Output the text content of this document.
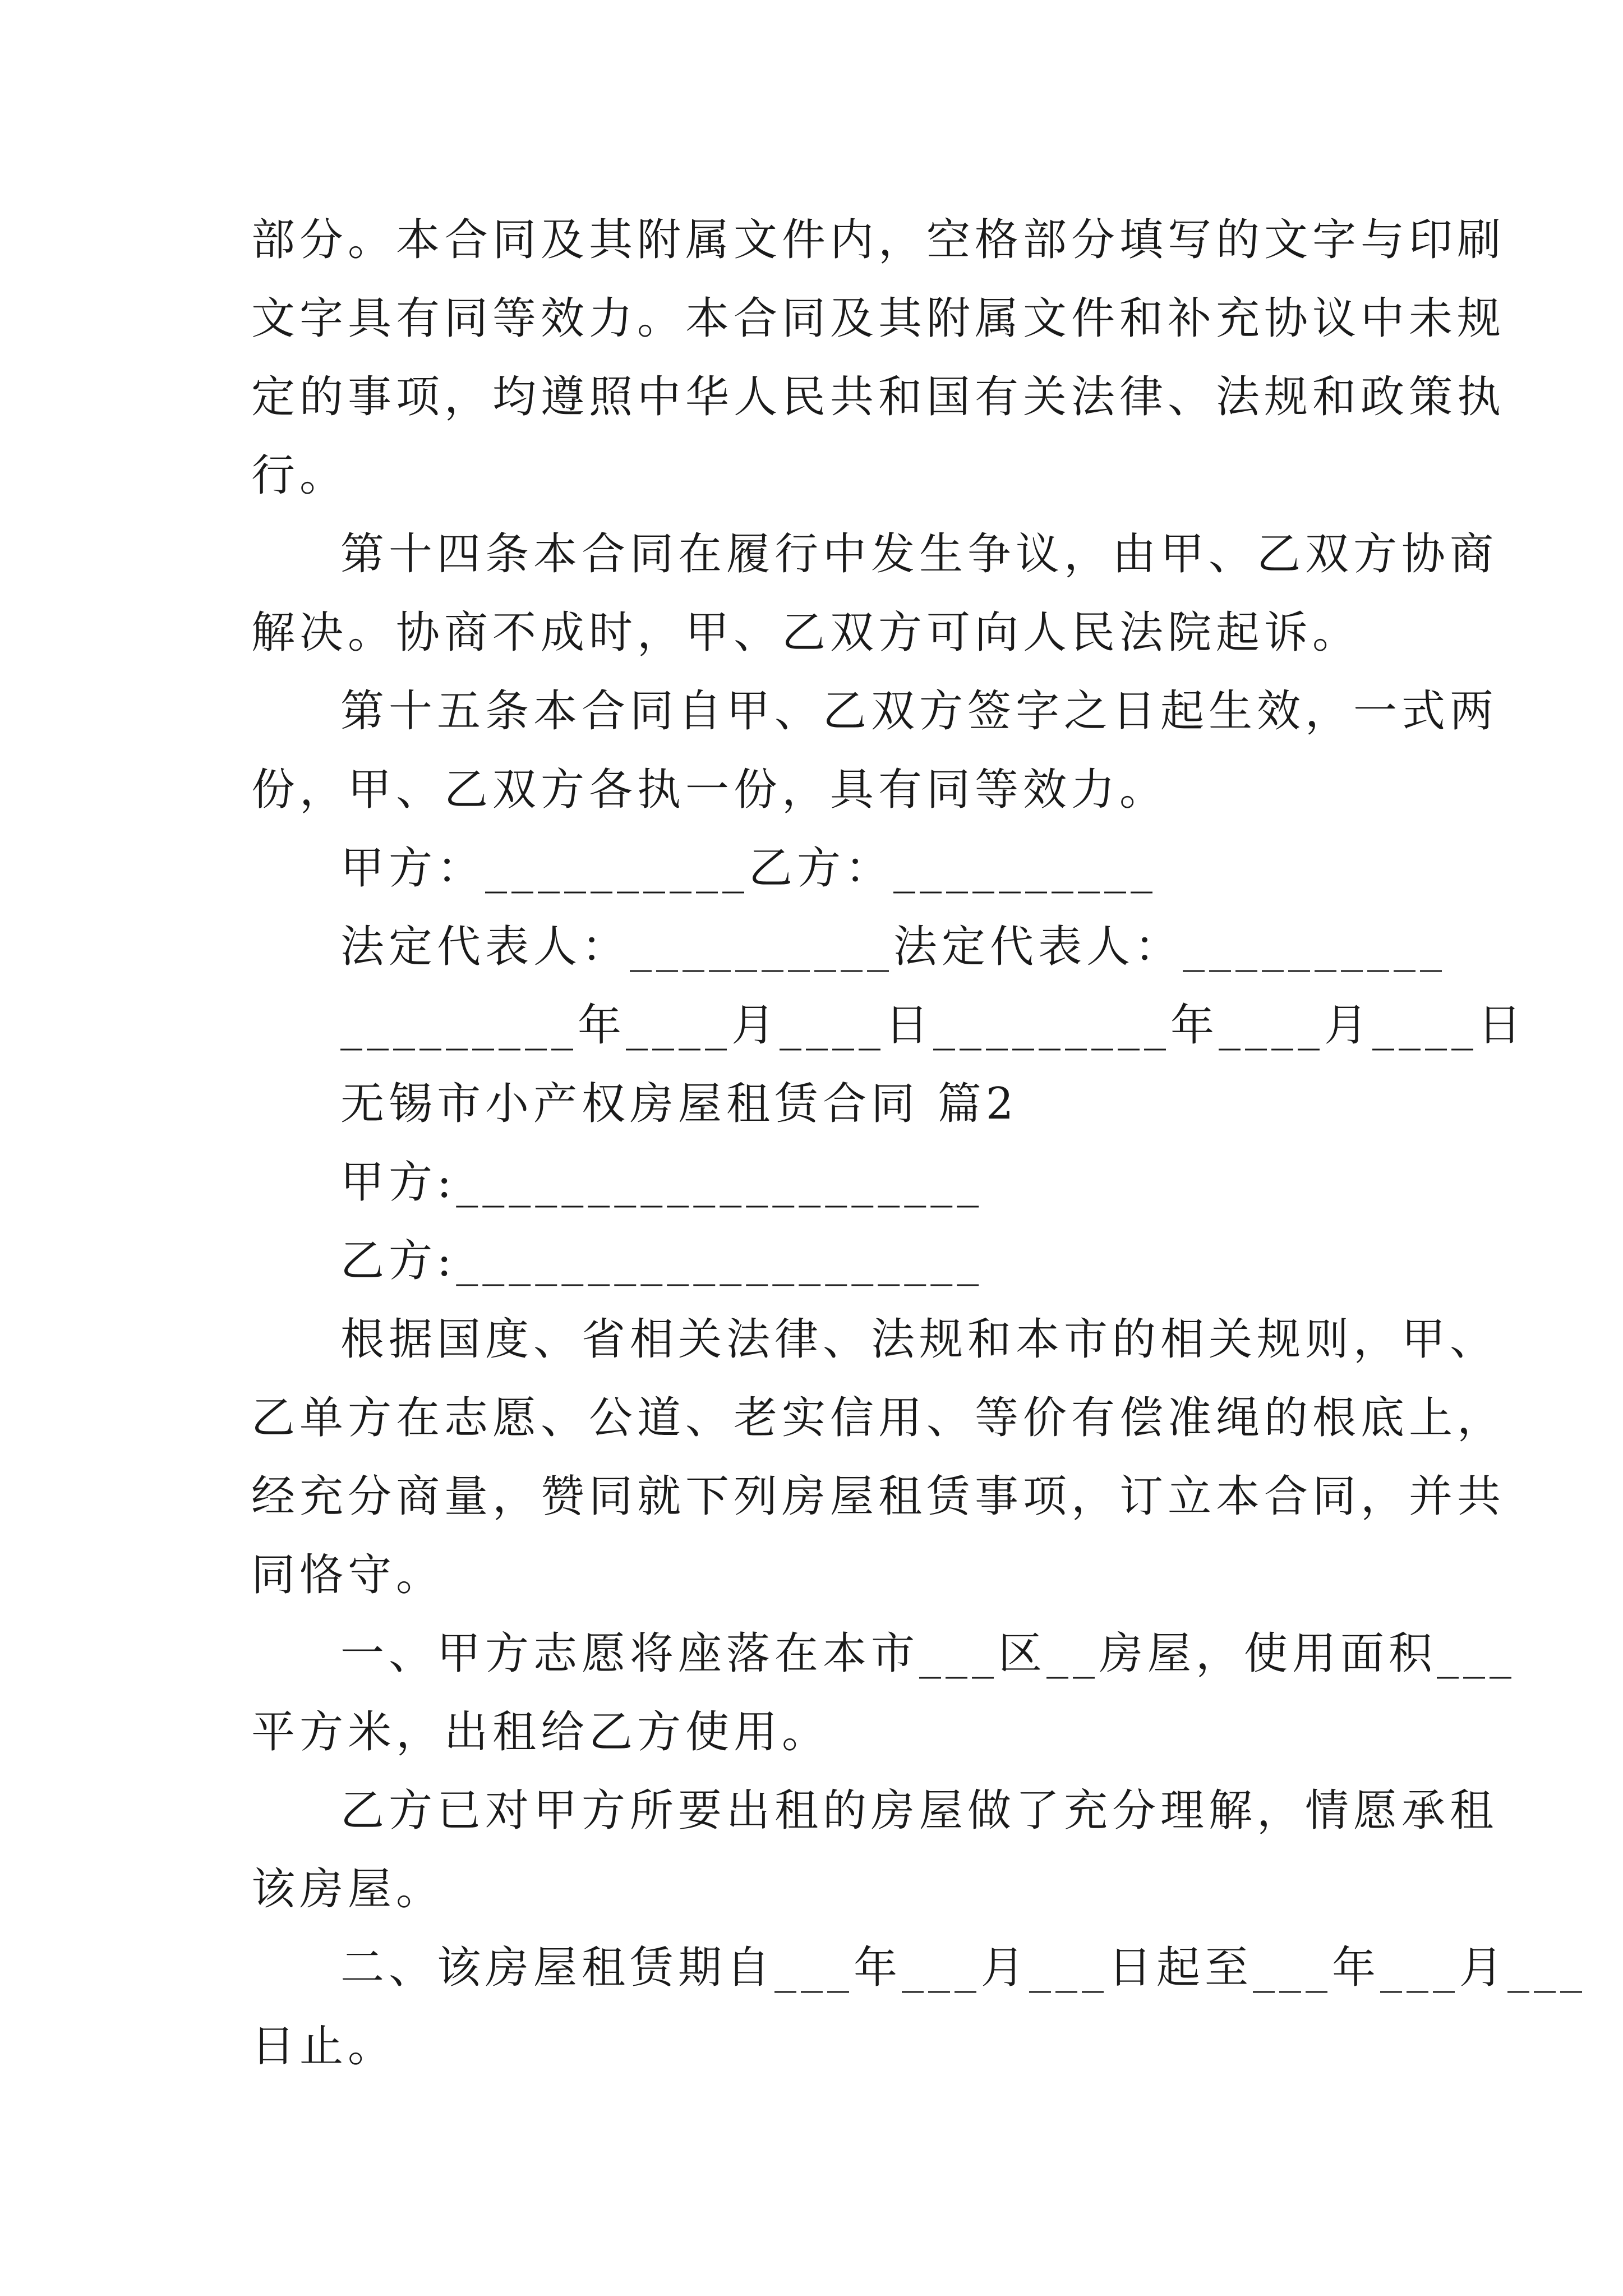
部分。本合同及其附属文件内，空格部分填写的文字与印刷
文字具有同等效力。本合同及其附属文件和补充协议中未规
定的事项，均遵照中华人民共和国有关法律、法规和政策执
行。
第十四条本合同在履行中发生争议，由甲、乙双方协商
解决。协商不成时，甲、乙双方可向人民法院起诉。
第十五条本合同自甲、乙双方签字之日起生效，一式两
份，甲、乙双方各执一份，具有同等效力。
甲方：__________乙方：__________
法定代表人：__________法定代表人：__________
_________年____月____日_________年____月____日
无锡市小产权房屋租赁合同 篇2
甲方:____________________
乙方:____________________
根据国度、省相关法律、法规和本市的相关规则，甲、
乙单方在志愿、公道、老实信用、等价有偿准绳的根底上，
经充分商量，赞同就下列房屋租赁事项，订立本合同，并共
同恪守。
一、甲方志愿将座落在本市___区__房屋，使用面积___
平方米，出租给乙方使用。
乙方已对甲方所要出租的房屋做了充分理解，情愿承租
该房屋。
二、该房屋租赁期自___年___月___日起至___年___月___
日止。
